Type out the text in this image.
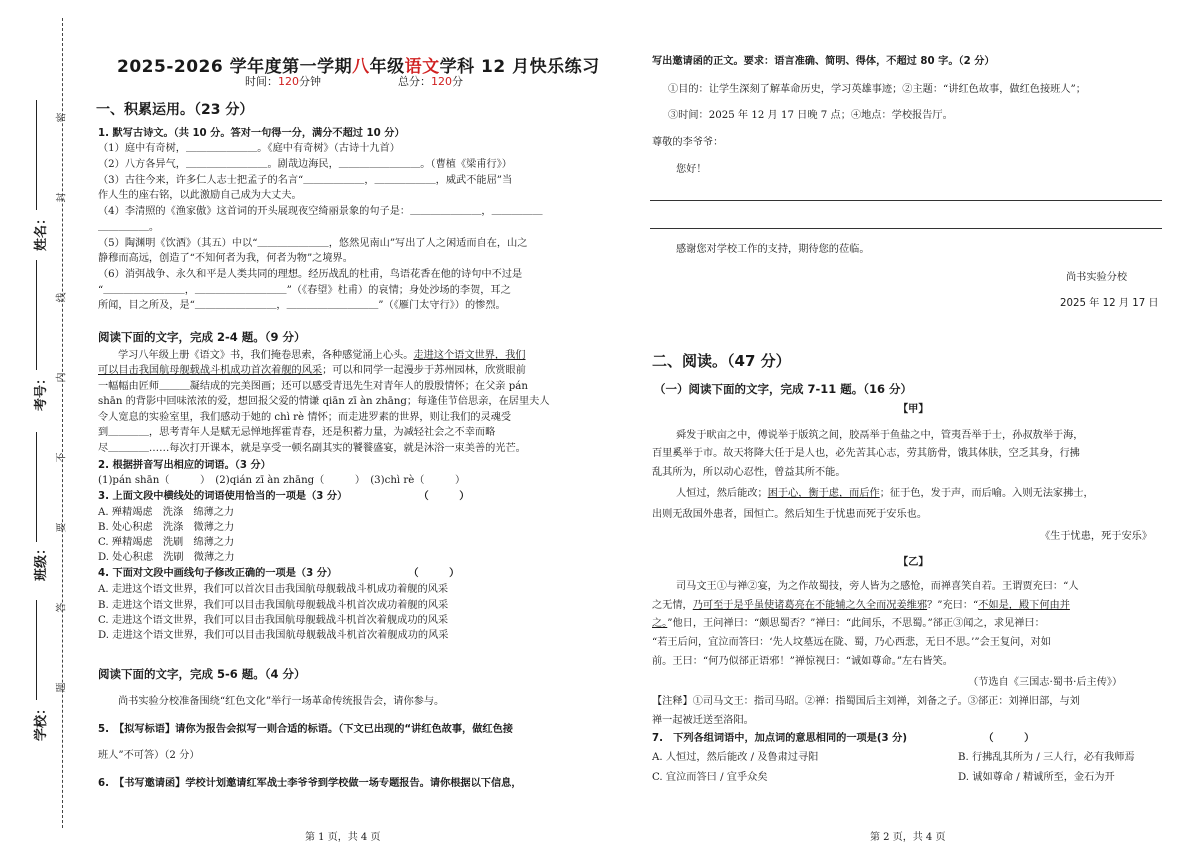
姓名：
考号：
班级：
学校：
密
封
线
内
不
要
答
题
2025-2026 学年度第一学期八年级语文学科 12 月快乐练习
时间：120分钟	总分：120分
一、积累运用。（23 分）
1. 默写古诗文。（共 10 分。答对一句得一分，满分不超过 10 分）
（1）庭中有奇树，＿＿＿＿＿＿＿。《庭中有奇树》（古诗十九首）
（2）八方各异气，＿＿＿＿＿＿＿＿。剧哉边海民，＿＿＿＿＿＿＿＿。（曹植《梁甫行》）
（3）古往今来，许多仁人志士把孟子的名言“＿＿＿＿＿＿，＿＿＿＿＿＿，威武不能屈”当
作人生的座右铭，以此激励自己成为大丈夫。
（4）李清照的《渔家傲》这首词的开头展现夜空绮丽景象的句子是：＿＿＿＿＿＿＿，＿＿＿＿＿
＿＿＿＿＿。
（5）陶渊明《饮酒》（其五）中以“＿＿＿＿＿＿＿，悠然见南山”写出了人之闲适而自在，山之
静穆而高远，创造了“不知何者为我，何者为物”之境界。
（6）消弭战争、永久和平是人类共同的理想。经历战乱的杜甫，鸟语花香在他的诗句中不过是
“＿＿＿＿＿＿＿＿，＿＿＿＿＿＿＿＿＿”（《春望》杜甫）的哀情；身处沙场的李贺，耳之
所闻，目之所及，是“＿＿＿＿＿＿＿＿，＿＿＿＿＿＿＿＿＿”（《雁门太守行》）的惨烈。
阅读下面的文字，完成 2-4 题。（9 分）
学习八年级上册《语文》书，我们掩卷思索，各种感觉涌上心头。走进这个语文世界，我们
可以目击我国航母舰载战斗机成功首次着舰的风采；可以和同学一起漫步于苏州园林，欣赏眼前
一幅幅由匠师＿＿＿凝结成的完美图画；还可以感受青迅先生对青年人的殷殷情怀；在父亲 pán
shān 的背影中回味浓浓的爱，想回报父爱的情谦 qiān zī àn zhāng；每逢佳节倍思亲，在居里夫人
令人宽息的实验室里，我们感动于她的 chì rè 情怀；而走进罗素的世界，则让我们的灵魂受
到＿＿＿＿，思考青年人是赋无忌惮地挥霍青春，还是积蓄力量，为减轻社会之不幸而略
尽＿＿＿＿……每次打开课本，就是享受一顿名副其实的饕餮盛宴，就是沐浴一束美善的光芒。
2. 根据拼音写出相应的词语。（3 分）
(1)pán shān（　　　）　(2)qián zī àn zhāng（　　　）　(3)chì rè（　　　）
3. 上面文段中横线处的词语使用恰当的一项是（3 分）　　　　　　　　（　　　）
A. 殚精竭虑　洗涤　绵薄之力
B. 处心积虑　洗涤　微薄之力
C. 殚精竭虑　洗刷　绵薄之力
D. 处心积虑　洗刷　微薄之力
4. 下面对文段中画线句子修改正确的一项是（3 分）　　　　　　　　（　　　）
A. 走进这个语文世界，我们可以首次目击我国航母舰载战斗机成功着舰的风采
B. 走进这个语文世界，我们可以目击我国航母舰载战斗机首次成功着舰的风采
C. 走进这个语文世界，我们可以目击我国航母舰载战斗机首次着舰成功的风采
D. 走进这个语文世界，我们可以目击我国航母舰载战斗机首次着舰成功的风采
阅读下面的文字，完成 5-6 题。（4 分）
尚书实验分校准备围绕“红色文化”举行一场革命传统报告会，请你参与。
5.　【拟写标语】请你为报告会拟写一则合适的标语。（下文已出现的“讲红色故事，做红色接
班人”不可答）（2 分）
6.　【书写邀请函】学校计划邀请红军战士李爷爷到学校做一场专题报告。请你根据以下信息，
第 1 页，共 4 页
写出邀请函的正文。要求：语言准确、简明、得体，不超过 80 字。（2 分）
①目的：让学生深刻了解革命历史，学习英雄事迹；②主题：“讲红色故事，做红色接班人”；
③时间：2025 年 12 月 17 日晚 7 点；④地点：学校报告厅。
尊敬的李爷爷：
您好！
感谢您对学校工作的支持，期待您的莅临。
尚书实验分校
2025 年 12 月 17 日
二、阅读。（47 分）
（一）阅读下面的文字，完成 7-11 题。（16 分）
【甲】
舜发于畎亩之中，傅说举于版筑之间，胶鬲举于鱼盐之中，管夷吾举于士，孙叔敖举于海，
百里奚举于市。故天将降大任于是人也，必先苦其心志，劳其筋骨，饿其体肤，空乏其身，行拂
乱其所为，所以动心忍性，曾益其所不能。
人恒过，然后能改；困于心，衡于虑，而后作；征于色，发于声，而后喻。入则无法家拂士，
出则无敌国外患者，国恒亡。然后知生于忧患而死于安乐也。
《生于忧患，死于安乐》
【乙】
司马文王①与禅②宴，为之作故蜀技，旁人皆为之感怆，而禅喜笑自若。王谓贾充曰：“人
之无情，乃可至于是乎虽使诸葛亮在不能辅之久全而况姜维邪？”充曰：“不如是，殿下何由并
之。”他日，王问禅曰：“颇思蜀否？”禅曰：“此间乐，不思蜀。”郤正③闻之，求见禅曰：
“若王后问，宜泣而答曰：‘先人坟墓远在陇、蜀，乃心西悲，无日不思。’”会王复问，对如
前。王曰：“何乃似郤正语邪！”禅惊视曰：“诚如尊命。”左右皆笑。
（节选自《三国志·蜀书·后主传》）
【注释】①司马文王：指司马昭。②禅：指蜀国后主刘禅，刘备之子。③郤正：刘禅旧部，与刘
禅一起被迁送至洛阳。
7.　下列各组词语中，加点词的意思相同的一项是(3 分)　　　　　　　　（　　　）
A. 人恒过，然后能改 / 及鲁肃过寻阳	B. 行拂乱其所为 / 三人行，必有我师焉
C. 宜泣而答曰 / 宜乎众矣	D. 诚如尊命 / 精诚所至，金石为开
第 2 页，共 4 页
